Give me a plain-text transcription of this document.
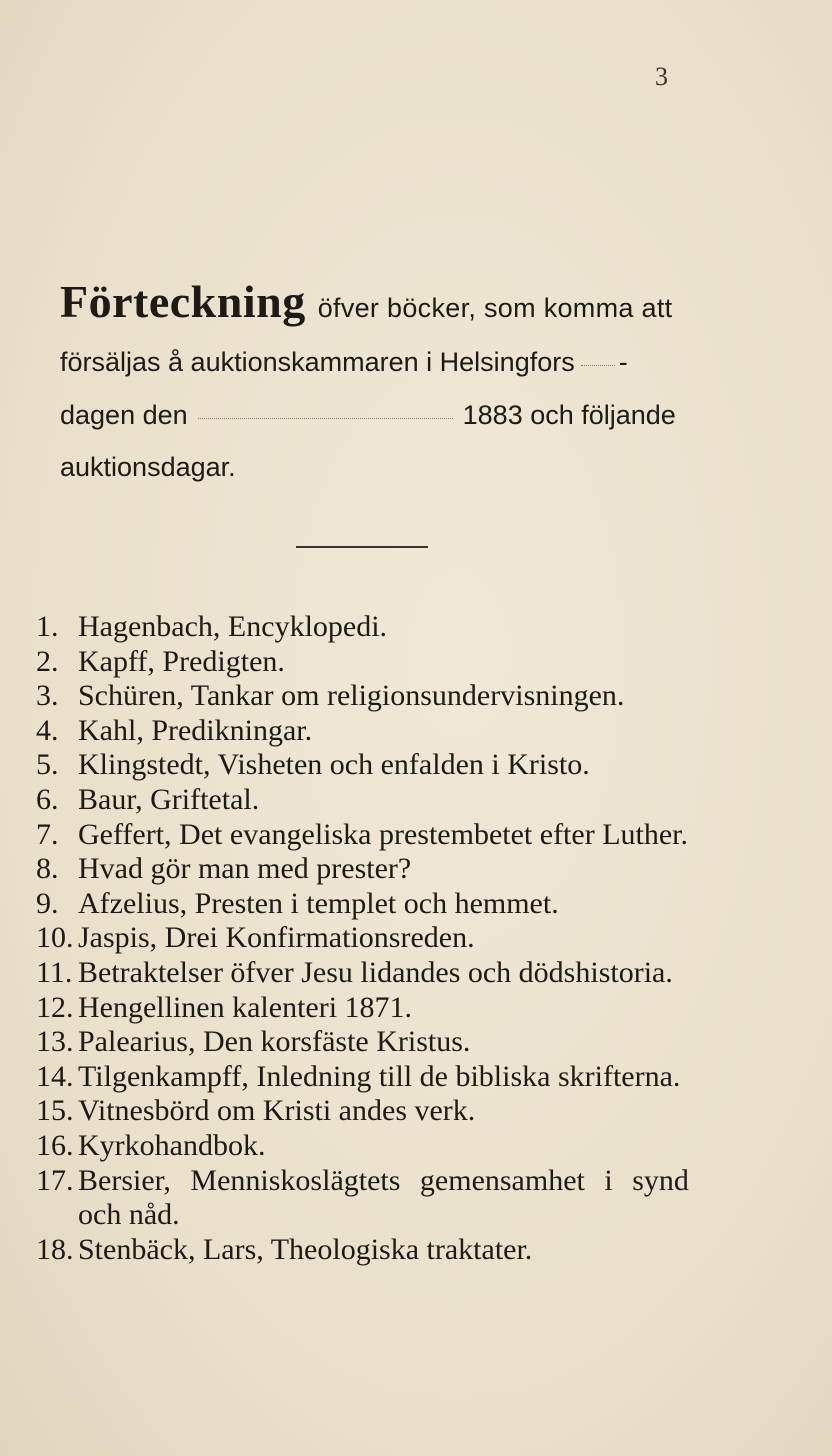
3
Förteckning öfver böcker, som komma att
försäljas å auktionskammaren i Helsingfors -
dagen den	1883 och följande
auktionsdagar.
1. Hagenbach, Encyklopedi.
2. Kapff, Predigten.
3. Schüren, Tankar om religionsundervisningen.
4. Kahl, Predikningar.
5. Klingstedt, Visheten och enfalden i Kristo.
6. Baur, Griftetal.
7. Geffert, Det evangeliska prestembetet efter Luther.
8. Hvad gör man med prester?
9. Afzelius, Presten i templet och hemmet.
10. Jaspis, Drei Konfirmationsreden.
11. Betraktelser öfver Jesu lidandes och dödshistoria.
12. Hengellinen kalenteri 1871.
13. Palearius, Den korsfäste Kristus.
14. Tilgenkampff, Inledning till de bibliska skrifterna.
15. Vitnesbörd om Kristi andes verk.
16. Kyrkohandbok.
17. Bersier, Menniskoslägtets gemensamhet i synd
och nåd.
18. Stenbäck, Lars, Theologiska traktater.
